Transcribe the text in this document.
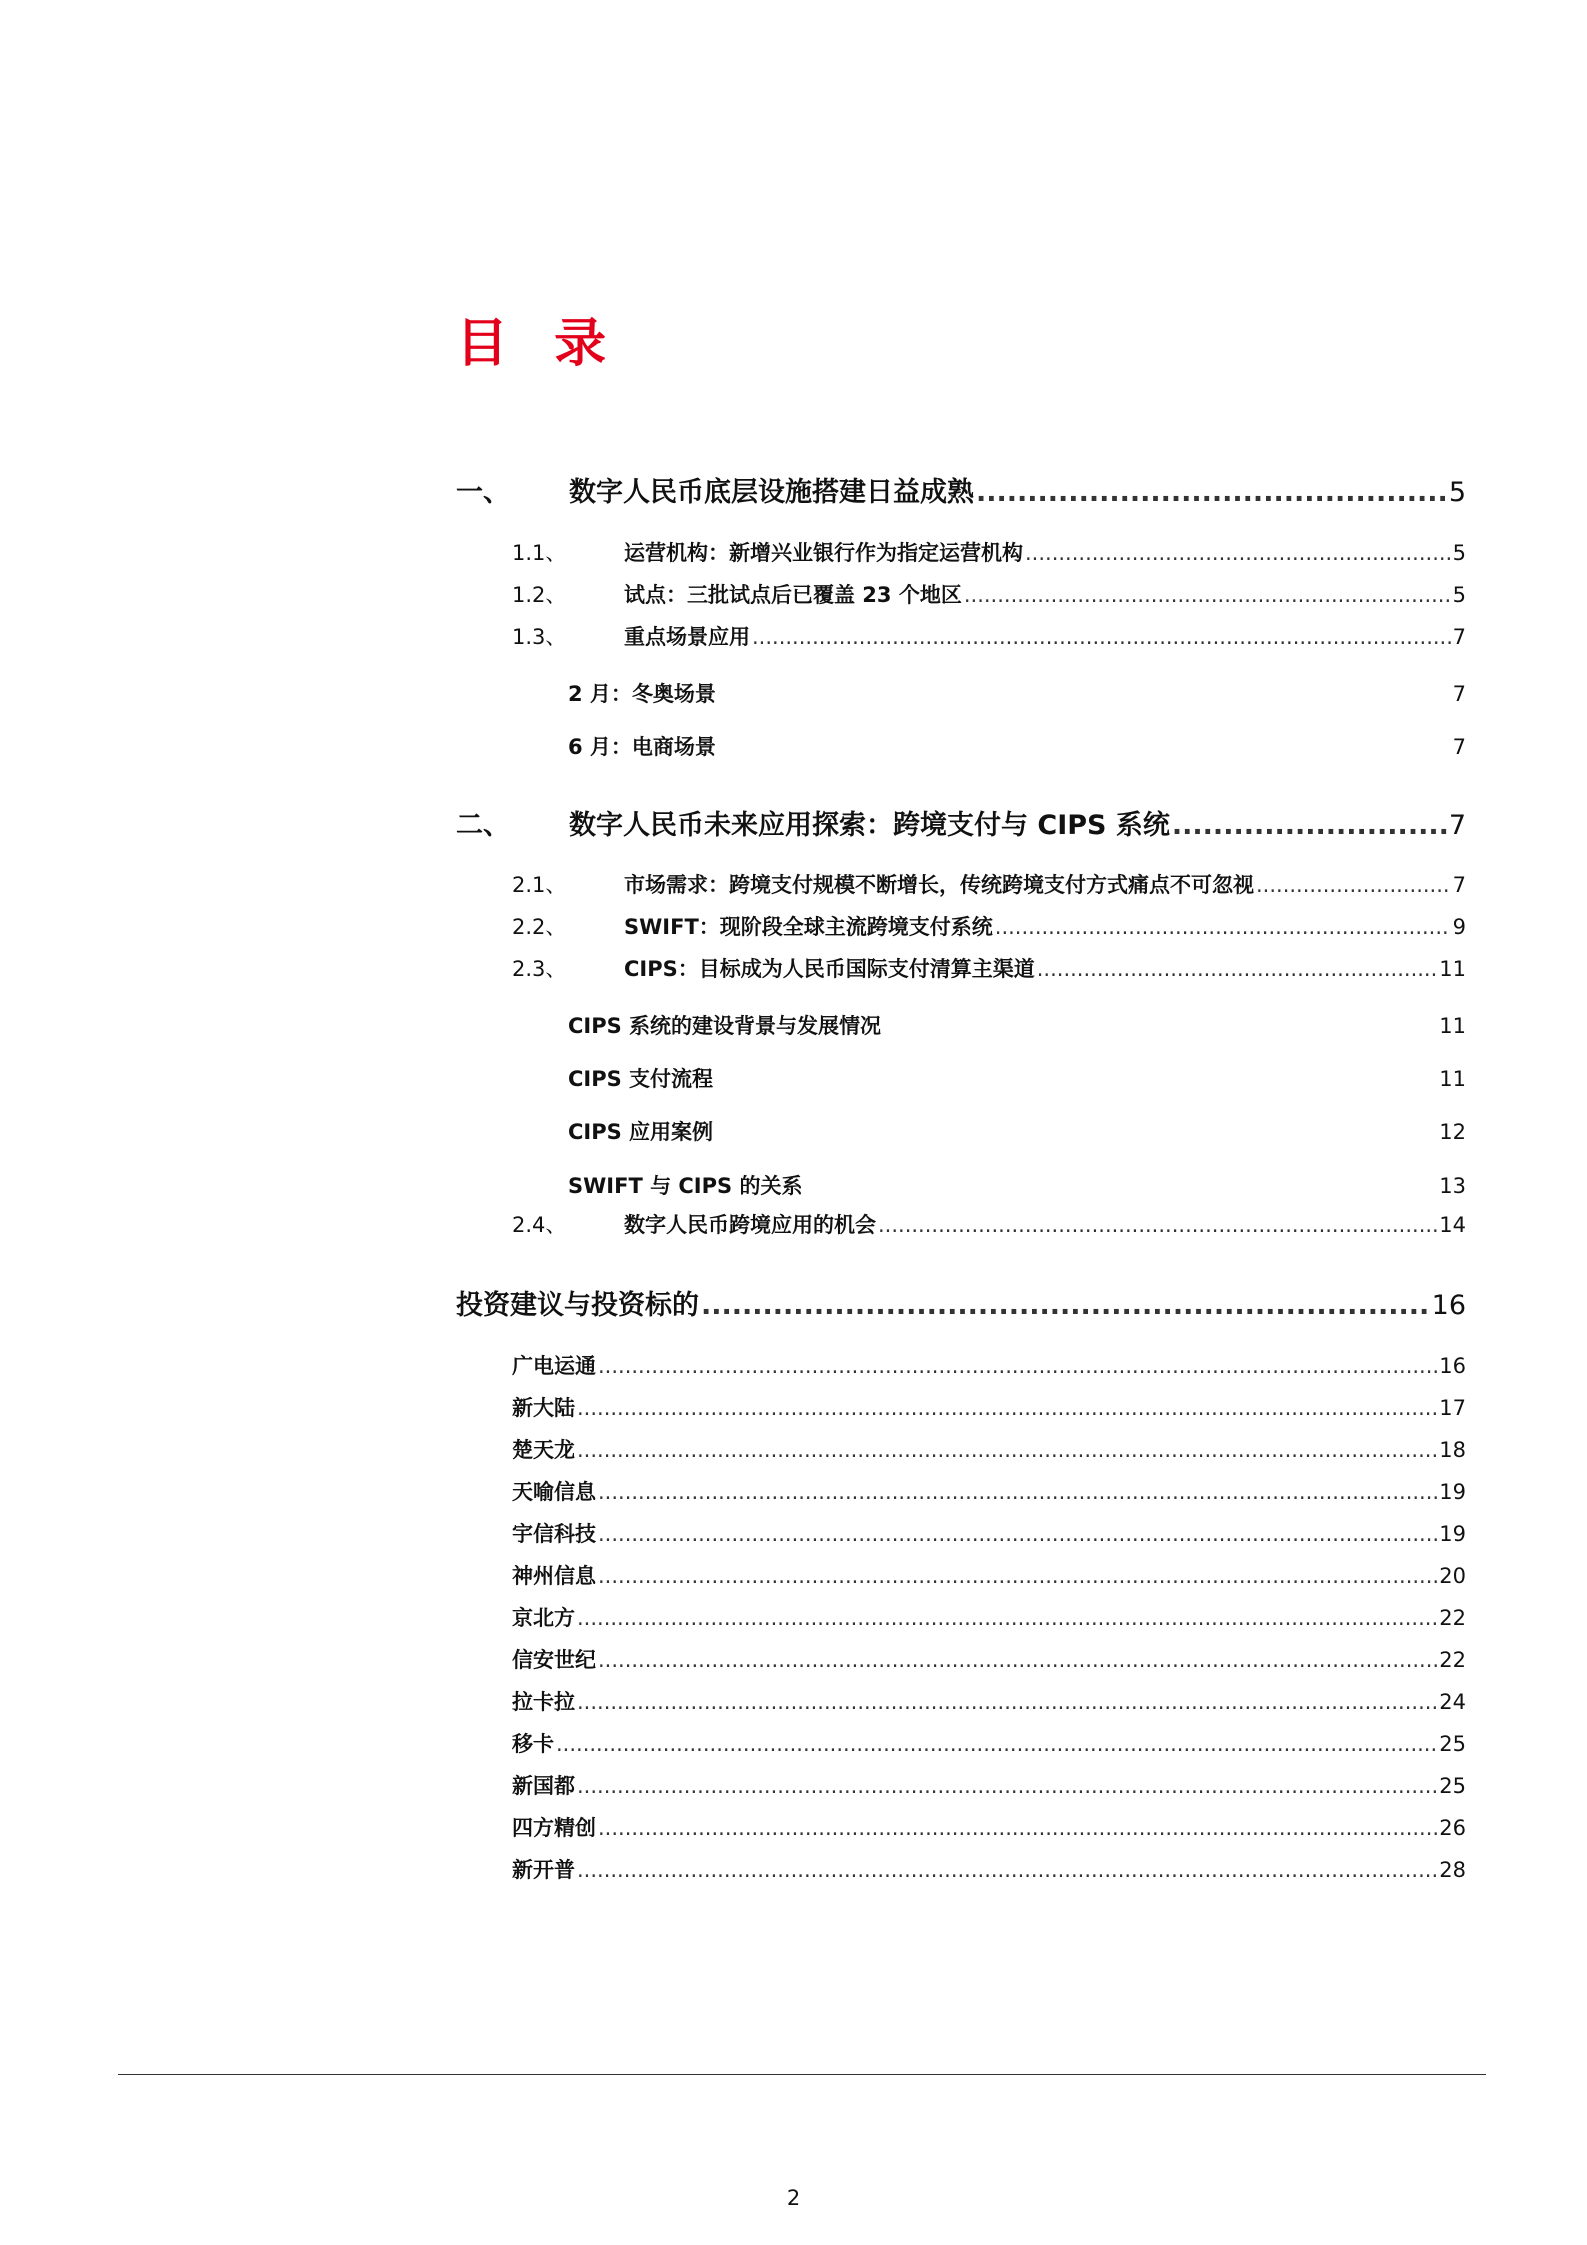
目 录
一、	数字人民币底层设施搭建日益成熟 .....	5
1.1、	运营机构：新增兴业银行作为指定运营机构 .....	5
1.2、	试点：三批试点后已覆盖 23 个地区 .....	5
1.3、	重点场景应用 .....	7
2 月：冬奥场景	7
6 月：电商场景	7
二、	数字人民币未来应用探索：跨境支付与 CIPS 系统 .....	7
2.1、	市场需求：跨境支付规模不断增长，传统跨境支付方式痛点不可忽视 .....	7
2.2、	SWIFT：现阶段全球主流跨境支付系统 .....	9
2.3、	CIPS：目标成为人民币国际支付清算主渠道 .....	11
CIPS 系统的建设背景与发展情况	11
CIPS 支付流程	11
CIPS 应用案例	12
SWIFT 与 CIPS 的关系	13
2.4、	数字人民币跨境应用的机会 .....	14
投资建议与投资标的 .....	16
广电运通 .....	16
新大陆 .....	17
楚天龙 .....	18
天喻信息 .....	19
宇信科技 .....	19
神州信息 .....	20
京北方 .....	22
信安世纪 .....	22
拉卡拉 .....	24
移卡 .....	25
新国都 .....	25
四方精创 .....	26
新开普 .....	28
2
